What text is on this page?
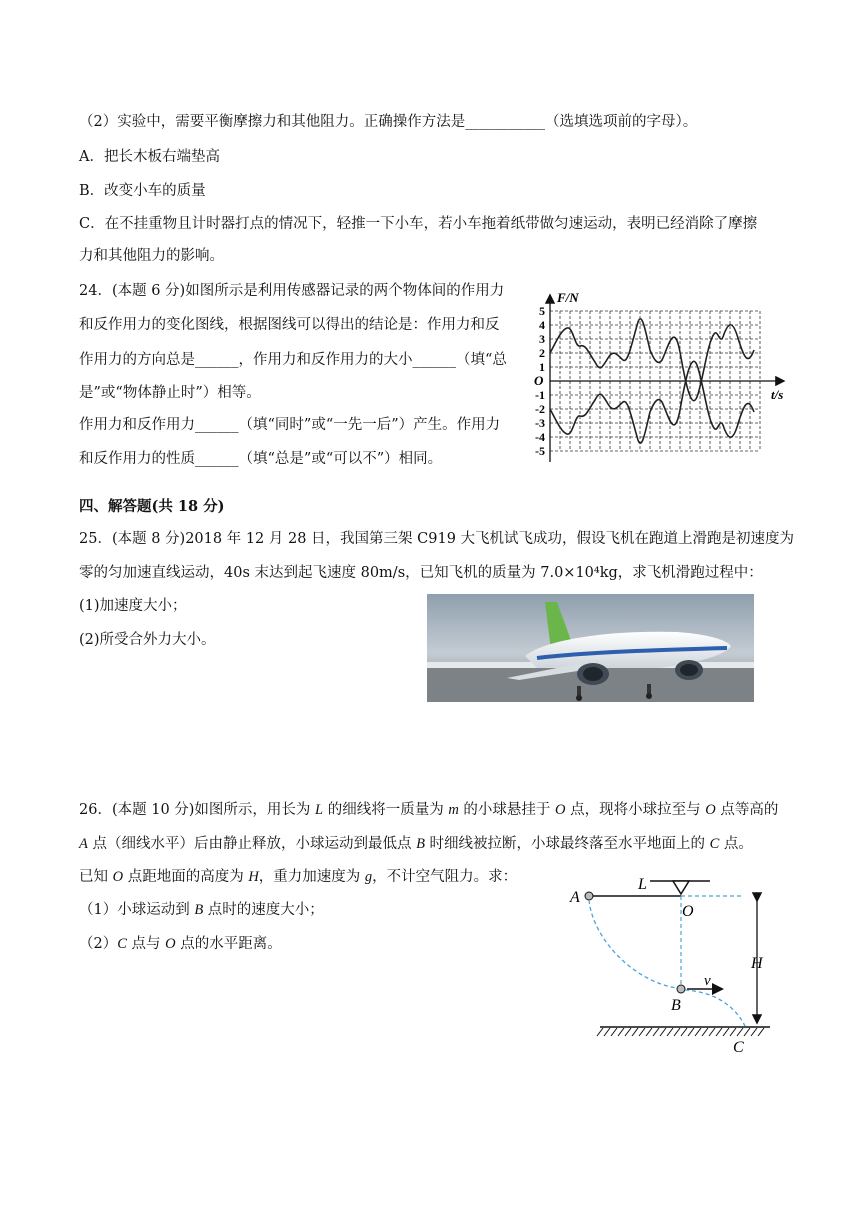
（2）实验中，需要平衡摩擦力和其他阻力。正确操作方法是___________（选填选项前的字母）。
A．把长木板右端垫高
B．改变小车的质量
C．在不挂重物且计时器打点的情况下，轻推一下小车，若小车拖着纸带做匀速运动，表明已经消除了摩擦
力和其他阻力的影响。
24．(本题 6 分)如图所示是利用传感器记录的两个物体间的作用力
和反作用力的变化图线，根据图线可以得出的结论是：作用力和反
作用力的方向总是______，作用力和反作用力的大小______（填“总
是”或“物体静止时”）相等。
作用力和反作用力______（填“同时”或“一先一后”）产生。作用力
和反作用力的性质______（填“总是”或“可以不”）相同。
F/N
t/s
O
5
4
3
2
1
-1
-2
-3
-4
-5
四、解答题(共 18 分)
25．(本题 8 分)2018 年 12 月 28 日，我国第三架 C919 大飞机试飞成功，假设飞机在跑道上滑跑是初速度为
零的匀加速直线运动，40s 末达到起飞速度 80m/s，已知飞机的质量为 7.0×10⁴kg，求飞机滑跑过程中：
(1)加速度大小；
(2)所受合外力大小。
26．(本题 10 分)如图所示，用长为 L 的细线将一质量为 m 的小球悬挂于 O 点，现将小球拉至与 O 点等高的
A 点（细线水平）后由静止释放，小球运动到最低点 B 时细线被拉断，小球最终落至水平地面上的 C 点。
已知 O 点距地面的高度为 H，重力加速度为 g，不计空气阻力。求：
（1）小球运动到 B 点时的速度大小；
（2）C 点与 O 点的水平距离。
A
L
O
H
v
B
C
